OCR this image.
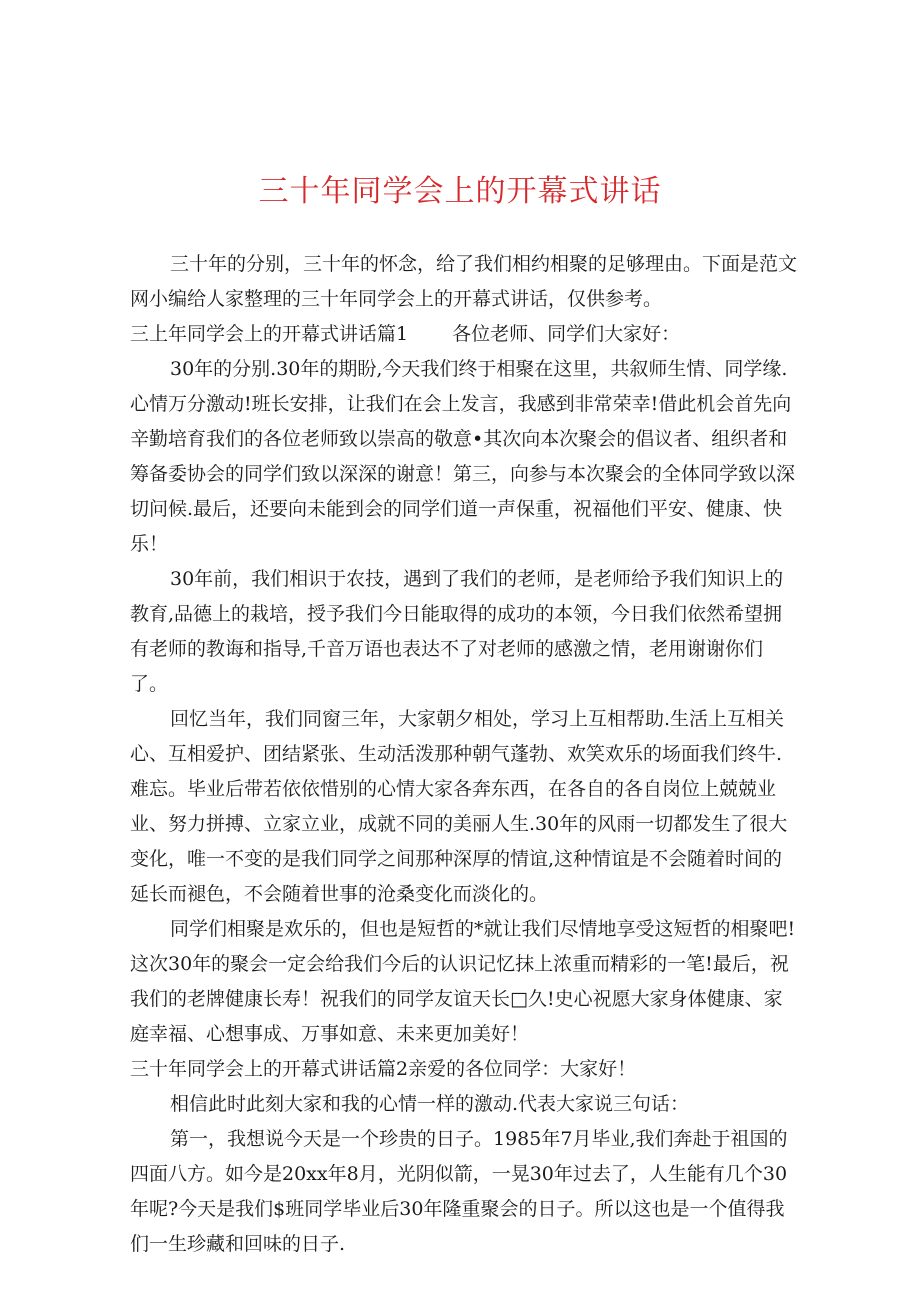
三十年同学会上的开幕式讲话

三十年的分别，三十年的怀念，给了我们相约相聚的足够理由。下面是范文网小编给人家整理的三十年同学会上的开幕式讲话，仅供参考。

三上年同学会上的开幕式讲话篇1 各位老师、同学们大家好：

30年的分别.30年的期盼,今天我们终于相聚在这里，共叙师生情、同学缘.心情万分激动!班长安排，让我们在会上发言，我感到非常荣幸!借此机会首先向辛勤培育我们的各位老师致以崇高的敬意•其次向本次聚会的倡议者、组织者和筹备委协会的同学们致以深深的谢意！第三，向参与本次聚会的全体同学致以深切问候.最后，还要向未能到会的同学们道一声保重，祝福他们平安、健康、快乐！

30年前，我们相识于农技，遇到了我们的老师，是老师给予我们知识上的教育,品德上的栽培，授予我们今日能取得的成功的本领，今日我们依然希望拥有老师的教诲和指导,千音万语也表达不了对老师的感激之情，老用谢谢你们了。

回忆当年，我们同窗三年，大家朝夕相处，学习上互相帮助.生活上互相关心、互相爱护、团结紧张、生动活泼那种朝气蓬勃、欢笑欢乐的场面我们终牛.难忘。毕业后带若依依惜别的心情大家各奔东西，在各自的各自岗位上兢兢业业、努力拼搏、立家立业，成就不同的美丽人生.30年的风雨一切都发生了很大变化，唯一不变的是我们同学之间那种深厚的情谊,这种情谊是不会随着时间的延长而褪色，不会随着世事的沧桑变化而淡化的。

同学们相聚是欢乐的，但也是短哲的*就让我们尽情地享受这短哲的相聚吧!这次30年的聚会一定会给我们今后的认识记忆抹上浓重而精彩的一笔!最后，祝我们的老牌健康长寿！祝我们的同学友谊天长□久!史心祝愿大家身体健康、家庭幸福、心想事成、万事如意、未来更加美好！

三十年同学会上的开幕式讲话篇2亲爱的各位同学：大家好！

相信此时此刻大家和我的心情一样的激动.代表大家说三句话：

第一，我想说今天是一个珍贵的日子。1985年7月毕业,我们奔赴于祖国的四面八方。如今是20xx年8月，光阴似箭，一晃30年过去了，人生能有几个30年呢?今天是我们$班同学毕业后30年隆重聚会的日子。所以这也是一个值得我们一生珍藏和回味的日子.
